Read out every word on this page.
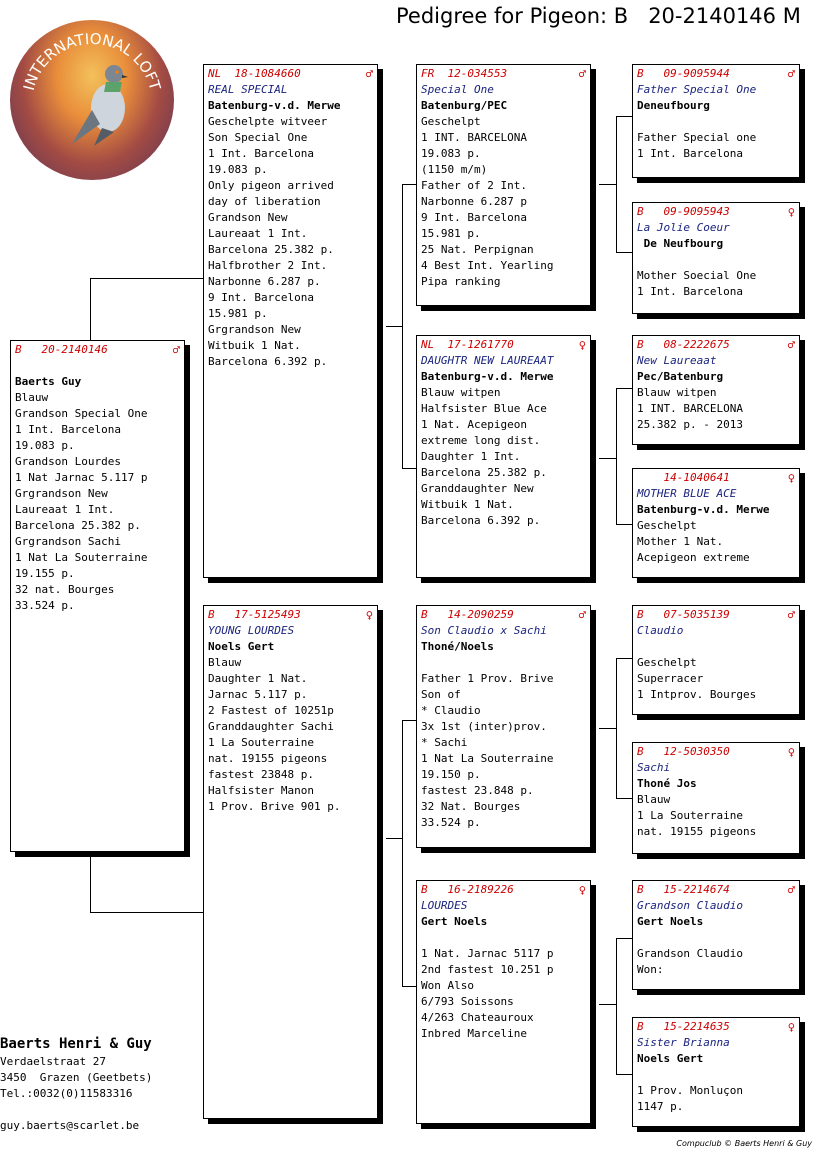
Pedigree for Pigeon: B   20-2140146 M
INTERNATIONAL LOFT
B   20-2140146	♂
Baerts Guy
Blauw
Grandson Special One
1 Int. Barcelona
19.083 p.
Grandson Lourdes
1 Nat Jarnac 5.117 p
Grgrandson New
Laureaat 1 Int.
Barcelona 25.382 p.
Grgrandson Sachi
1 Nat La Souterraine
19.155 p.
32 nat. Bourges
33.524 p.
NL  18-1084660	♂
REAL SPECIAL
Batenburg-v.d. Merwe
Geschelpte witveer
Son Special One
1 Int. Barcelona
19.083 p.
Only pigeon arrived
day of liberation
Grandson New
Laureaat 1 Int.
Barcelona 25.382 p.
Halfbrother 2 Int.
Narbonne 6.287 p.
9 Int. Barcelona
15.981 p.
Grgrandson New
Witbuik 1 Nat.
Barcelona 6.392 p.
B   17-5125493	♀
YOUNG LOURDES
Noels Gert
Blauw
Daughter 1 Nat.
Jarnac 5.117 p.
2 Fastest of 10251p
Granddaughter Sachi
1 La Souterraine
nat. 19155 pigeons
fastest 23848 p.
Halfsister Manon
1 Prov. Brive 901 p.
FR  12-034553	♂
Special One
Batenburg/PEC
Geschelpt
1 INT. BARCELONA
19.083 p.
(1150 m/m)
Father of 2 Int.
Narbonne 6.287 p
9 Int. Barcelona
15.981 p.
25 Nat. Perpignan
4 Best Int. Yearling
Pipa ranking
NL  17-1261770	♀
DAUGHTR NEW LAUREAAT
Batenburg-v.d. Merwe
Blauw witpen
Halfsister Blue Ace
1 Nat. Acepigeon
extreme long dist.
Daughter 1 Int.
Barcelona 25.382 p.
Granddaughter New
Witbuik 1 Nat.
Barcelona 6.392 p.
B   14-2090259	♂
Son Claudio x Sachi
Thoné/Noels
Father 1 Prov. Brive
Son of
* Claudio
3x 1st (inter)prov.
* Sachi
1 Nat La Souterraine
19.150 p.
fastest 23.848 p.
32 Nat. Bourges
33.524 p.
B   16-2189226	♀
LOURDES
Gert Noels
1 Nat. Jarnac 5117 p
2nd fastest 10.251 p
Won Also
6/793 Soissons
4/263 Chateauroux
Inbred Marceline
B   09-9095944	♂
Father Special One
Deneufbourg
Father Special one
1 Int. Barcelona
B   09-9095943	♀
La Jolie Coeur
De Neufbourg
Mother Soecial One
1 Int. Barcelona
B   08-2222675	♂
New Laureaat
Pec/Batenburg
Blauw witpen
1 INT. BARCELONA
25.382 p. - 2013
14-1040641	♀
MOTHER BLUE ACE
Batenburg-v.d. Merwe
Geschelpt
Mother 1 Nat.
Acepigeon extreme
B   07-5035139	♂
Claudio
Geschelpt
Superracer
1 Intprov. Bourges
B   12-5030350	♀
Sachi
Thoné Jos
Blauw
1 La Souterraine
nat. 19155 pigeons
B   15-2214674	♂
Grandson Claudio
Gert Noels
Grandson Claudio
Won:
B   15-2214635	♀
Sister Brianna
Noels Gert
1 Prov. Monluçon
1147 p.
Baerts Henri & Guy
Verdaelstraat 27
3450  Grazen (Geetbets)
Tel.:0032(0)11583316
guy.baerts@scarlet.be
Compuclub © Baerts Henri & Guy
